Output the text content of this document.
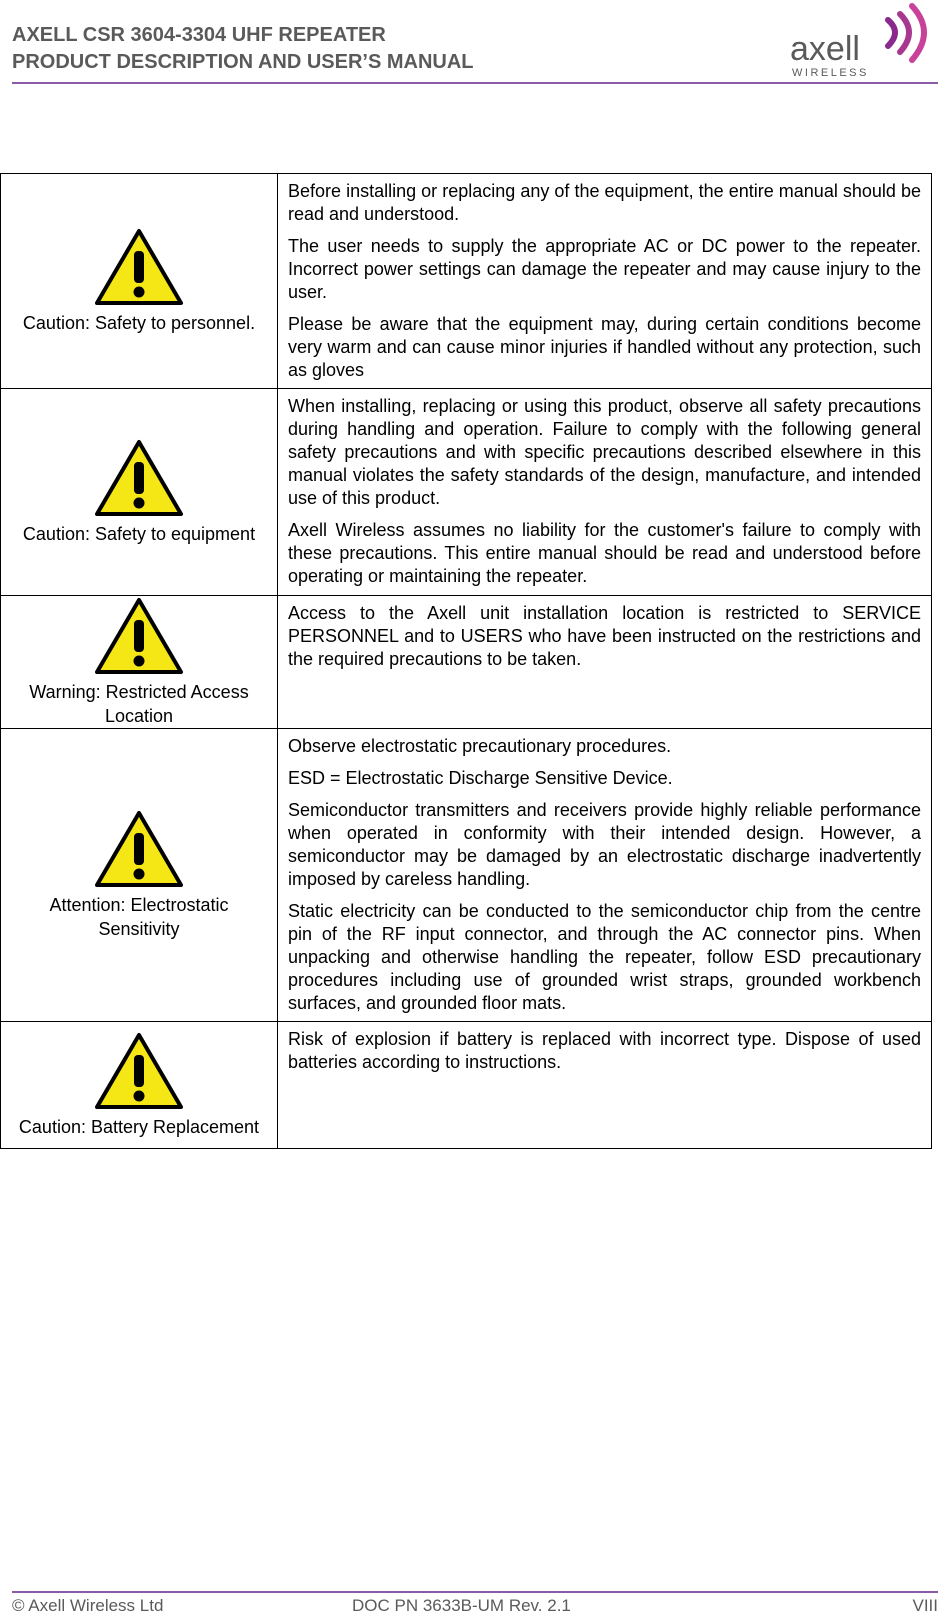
AXELL CSR 3604-3304 UHF REPEATER
PRODUCT DESCRIPTION AND USER’S MANUAL	axell
WIRELESS
Caution: Safety to personnel.	Before installing or replacing any of the equipment, the entire manual should be read and understood.

The user needs to supply the appropriate AC or DC power to the repeater. Incorrect power settings can damage the repeater and may cause injury to the user.

Please be aware that the equipment may, during certain conditions become very warm and can cause minor injuries if handled without any protection, such as gloves

Caution: Safety to equipment	When installing, replacing or using this product, observe all safety precautions during handling and operation. Failure to comply with the following general safety precautions and with specific precautions described elsewhere in this manual violates the safety standards of the design, manufacture, and intended use of this product.

Axell Wireless assumes no liability for the customer's failure to comply with these precautions. This entire manual should be read and understood before operating or maintaining the repeater.

Warning: Restricted Access Location	Access to the Axell unit installation location is restricted to SERVICE PERSONNEL and to USERS who have been instructed on the restrictions and the required precautions to be taken.

Attention: Electrostatic Sensitivity	Observe electrostatic precautionary procedures.

ESD = Electrostatic Discharge Sensitive Device.

Semiconductor transmitters and receivers provide highly reliable performance when operated in conformity with their intended design. However, a semiconductor may be damaged by an electrostatic discharge inadvertently imposed by careless handling.

Static electricity can be conducted to the semiconductor chip from the centre pin of the RF input connector, and through the AC connector pins. When unpacking and otherwise handling the repeater, follow ESD precautionary procedures including use of grounded wrist straps, grounded workbench surfaces, and grounded floor mats.

Caution: Battery Replacement	Risk of explosion if battery is replaced with incorrect type. Dispose of used batteries according to instructions.

© Axell Wireless Ltd	DOC PN 3633B-UM Rev. 2.1	VIII
